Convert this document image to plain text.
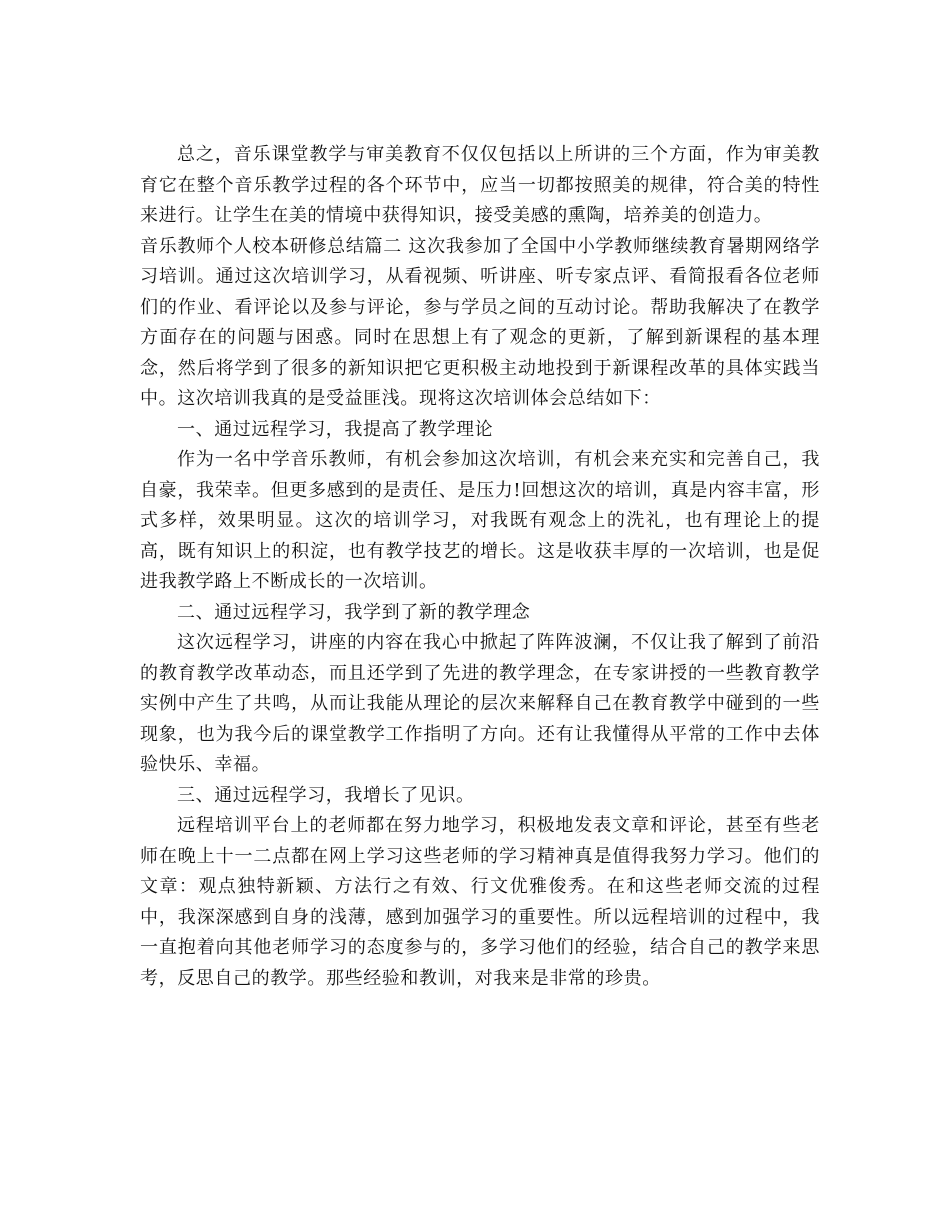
总之，音乐课堂教学与审美教育不仅仅包括以上所讲的三个方面，作为审美教育它在整个音乐教学过程的各个环节中，应当一切都按照美的规律，符合美的特性来进行。让学生在美的情境中获得知识，接受美感的熏陶，培养美的创造力。

音乐教师个人校本研修总结篇二 这次我参加了全国中小学教师继续教育暑期网络学习培训。通过这次培训学习，从看视频、听讲座、听专家点评、看简报看各位老师们的作业、看评论以及参与评论，参与学员之间的互动讨论。帮助我解决了在教学方面存在的问题与困惑。同时在思想上有了观念的更新，了解到新课程的基本理念，然后将学到了很多的新知识把它更积极主动地投到于新课程改革的具体实践当中。这次培训我真的是受益匪浅。现将这次培训体会总结如下：

一、通过远程学习，我提高了教学理论

作为一名中学音乐教师，有机会参加这次培训，有机会来充实和完善自己，我自豪，我荣幸。但更多感到的是责任、是压力!回想这次的培训，真是内容丰富，形式多样，效果明显。这次的培训学习，对我既有观念上的洗礼，也有理论上的提高，既有知识上的积淀，也有教学技艺的增长。这是收获丰厚的一次培训，也是促进我教学路上不断成长的一次培训。

二、通过远程学习，我学到了新的教学理念

这次远程学习，讲座的内容在我心中掀起了阵阵波澜，不仅让我了解到了前沿的教育教学改革动态，而且还学到了先进的教学理念，在专家讲授的一些教育教学实例中产生了共鸣，从而让我能从理论的层次来解释自己在教育教学中碰到的一些现象，也为我今后的课堂教学工作指明了方向。还有让我懂得从平常的工作中去体验快乐、幸福。

三、通过远程学习，我增长了见识。

远程培训平台上的老师都在努力地学习，积极地发表文章和评论，甚至有些老师在晚上十一二点都在网上学习这些老师的学习精神真是值得我努力学习。他们的文章：观点独特新颖、方法行之有效、行文优雅俊秀。在和这些老师交流的过程中，我深深感到自身的浅薄，感到加强学习的重要性。所以远程培训的过程中，我一直抱着向其他老师学习的态度参与的，多学习他们的经验，结合自己的教学来思考，反思自己的教学。那些经验和教训，对我来是非常的珍贵。
